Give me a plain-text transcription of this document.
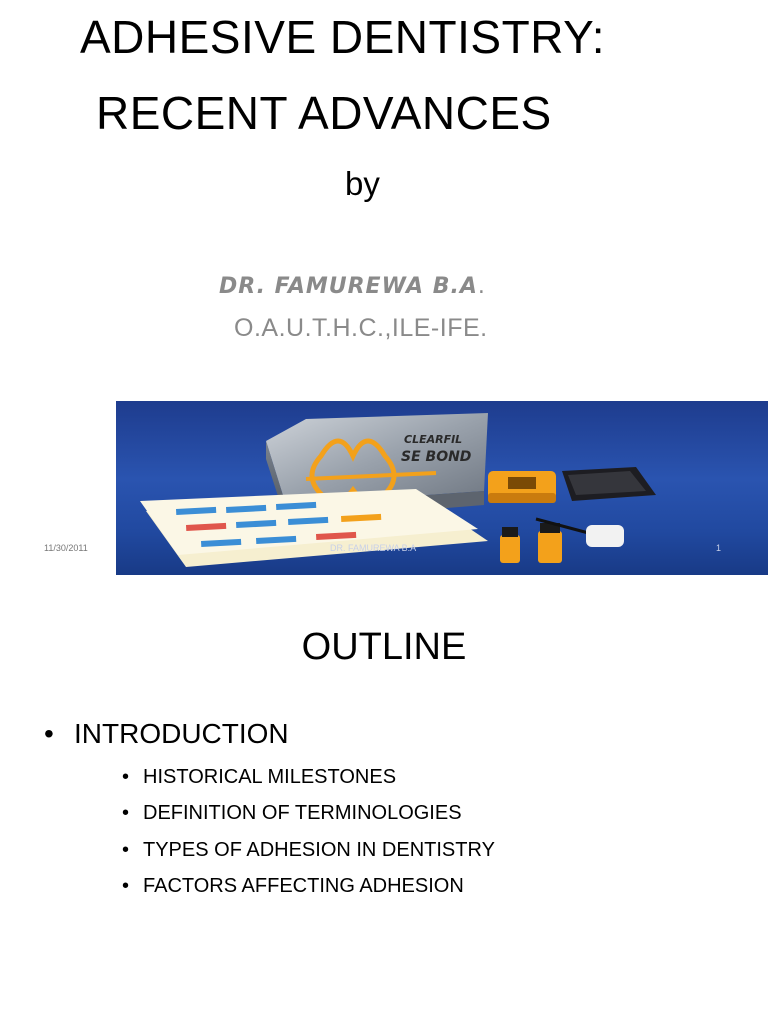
ADHESIVE DENTISTRY:
RECENT ADVANCES
by
DR. FAMUREWA B.A.
O.A.U.T.H.C.,ILE-IFE.
CLEARFIL
SE BOND
11/30/2011	DR. FAMUREWA B.A	1
OUTLINE
• INTRODUCTION
• HISTORICAL MILESTONES
• DEFINITION OF TERMINOLOGIES
• TYPES OF ADHESION IN DENTISTRY
• FACTORS AFFECTING ADHESION
